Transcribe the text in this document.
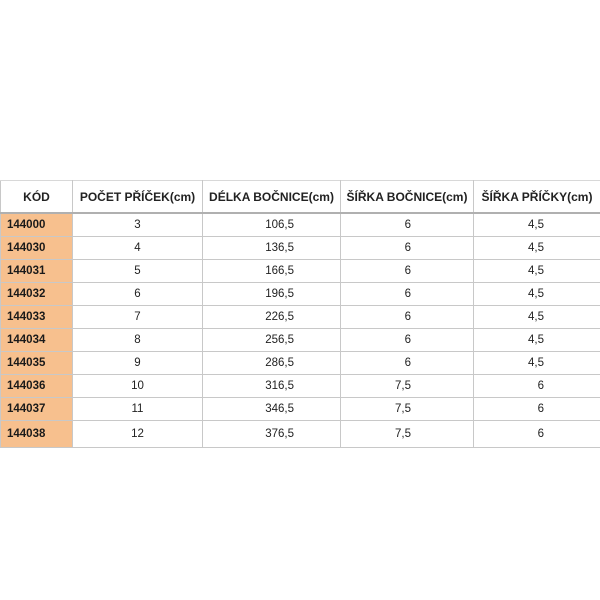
KÓD	POČET PŘÍČEK(cm)	DÉLKA BOČNICE(cm)	ŠÍŘKA BOČNICE(cm)	ŠÍŘKA PŘÍČKY(cm)
144000	3	106,5	6	4,5
144030	4	136,5	6	4,5
144031	5	166,5	6	4,5
144032	6	196,5	6	4,5
144033	7	226,5	6	4,5
144034	8	256,5	6	4,5
144035	9	286,5	6	4,5
144036	10	316,5	7,5	6
144037	11	346,5	7,5	6
144038	12	376,5	7,5	6
